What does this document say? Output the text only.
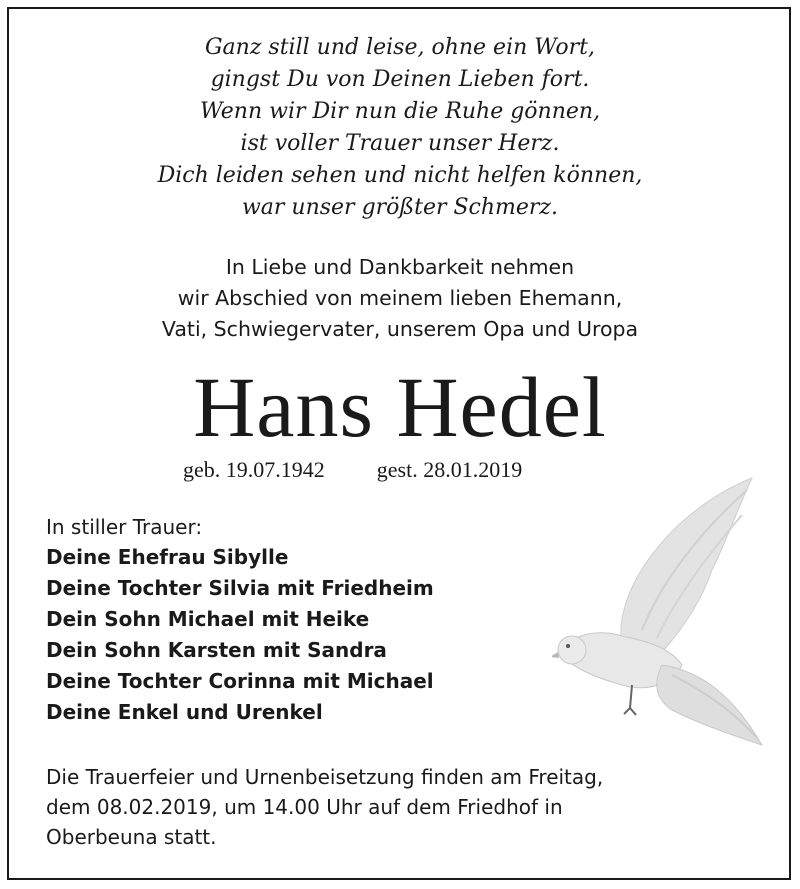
Ganz still und leise, ohne ein Wort,
gingst Du von Deinen Lieben fort.
Wenn wir Dir nun die Ruhe gönnen,
ist voller Trauer unser Herz.
Dich leiden sehen und nicht helfen können,
war unser größter Schmerz.
In Liebe und Dankbarkeit nehmen
wir Abschied von meinem lieben Ehemann,
Vati, Schwiegervater, unserem Opa und Uropa
Hans Hedel
geb. 19.07.1942 gest. 28.01.2019
In stiller Trauer:
Deine Ehefrau Sibylle
Deine Tochter Silvia mit Friedheim
Dein Sohn Michael mit Heike
Dein Sohn Karsten mit Sandra
Deine Tochter Corinna mit Michael
Deine Enkel und Urenkel
Die Trauerfeier und Urnenbeisetzung finden am Freitag,
dem 08.02.2019, um 14.00 Uhr auf dem Friedhof in
Oberbeuna statt.
